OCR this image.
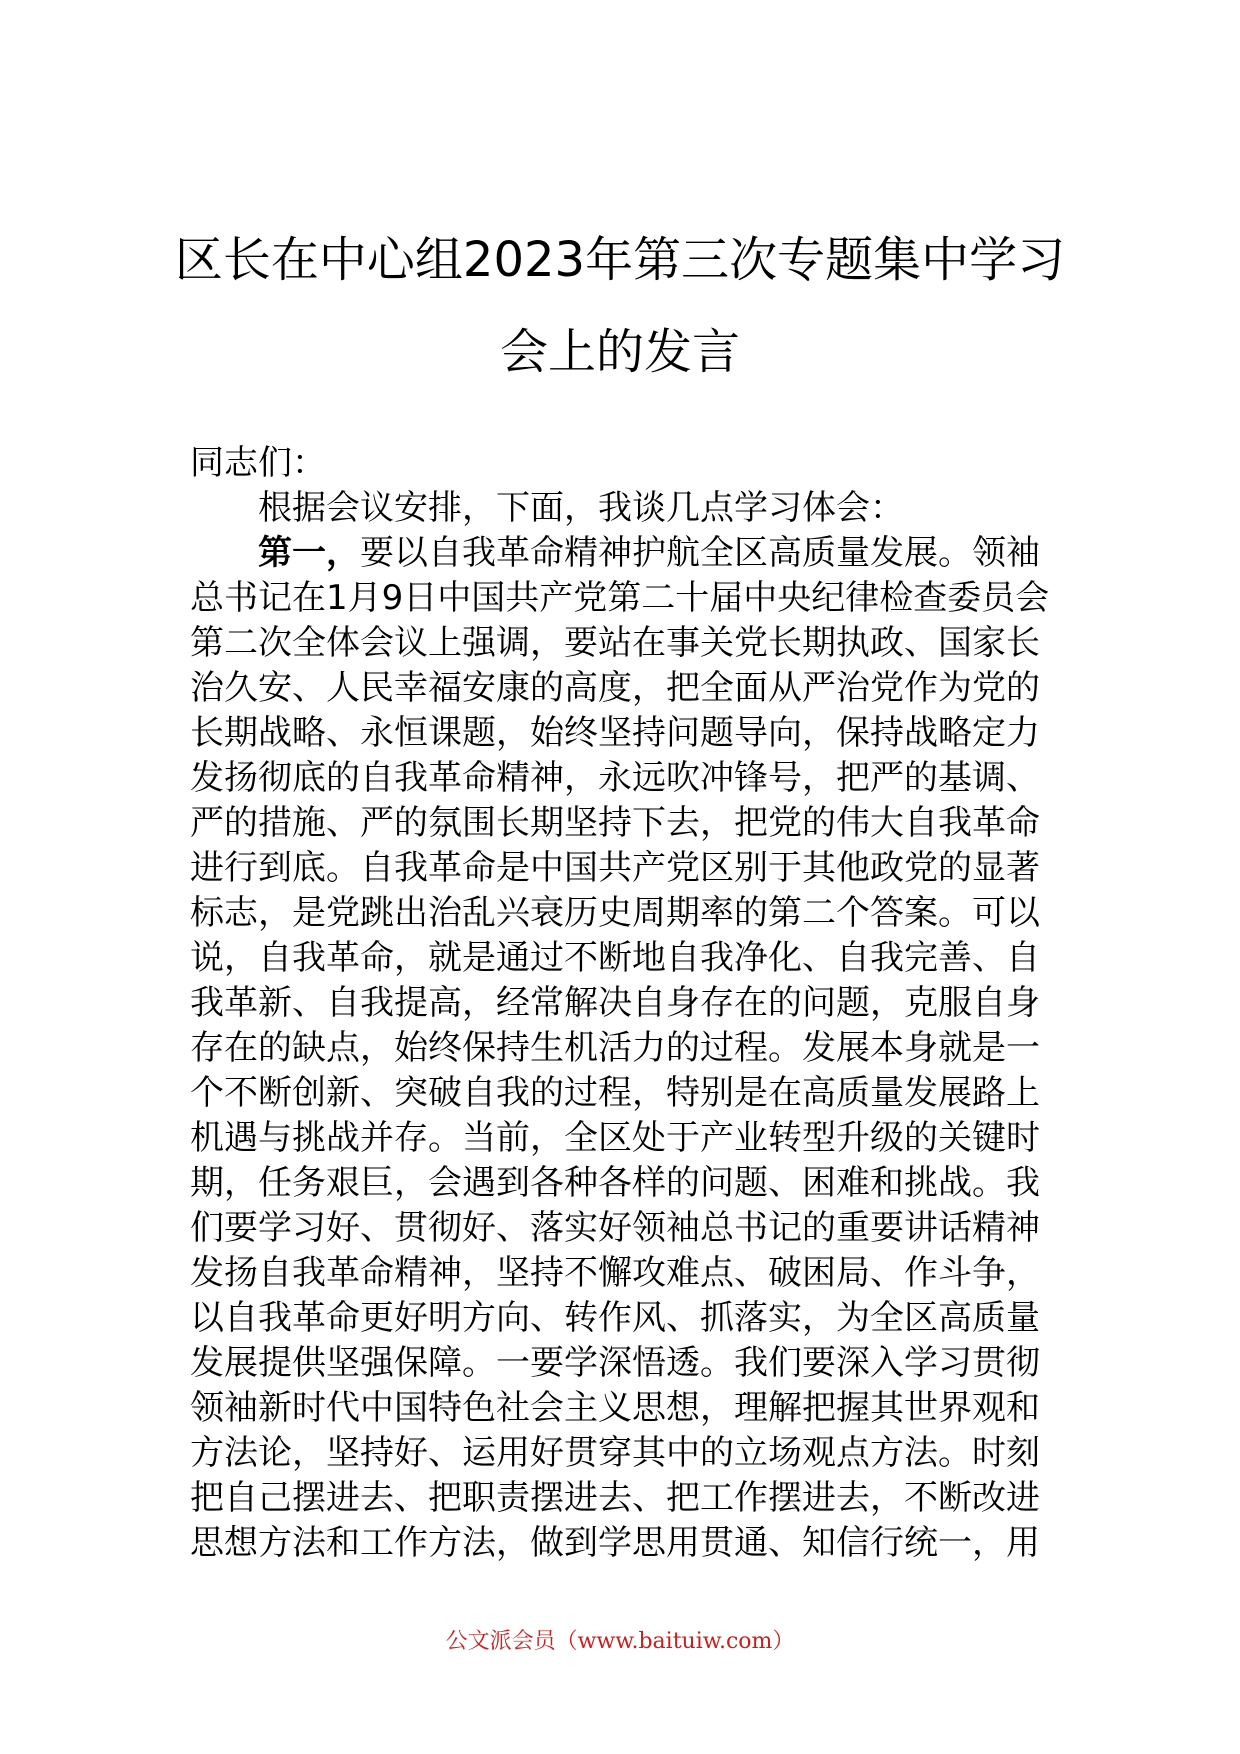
区长在中心组2023年第三次专题集中学习
会上的发言
同志们：
根据会议安排，下面，我谈几点学习体会：
第一，要以自我革命精神护航全区高质量发展。领袖
总书记在1月9日中国共产党第二十届中央纪律检查委员会
第二次全体会议上强调，要站在事关党长期执政、国家长
治久安、人民幸福安康的高度，把全面从严治党作为党的
长期战略、永恒课题，始终坚持问题导向，保持战略定力
发扬彻底的自我革命精神，永远吹冲锋号，把严的基调、
严的措施、严的氛围长期坚持下去，把党的伟大自我革命
进行到底。自我革命是中国共产党区别于其他政党的显著
标志，是党跳出治乱兴衰历史周期率的第二个答案。可以
说，自我革命，就是通过不断地自我净化、自我完善、自
我革新、自我提高，经常解决自身存在的问题，克服自身
存在的缺点，始终保持生机活力的过程。发展本身就是一
个不断创新、突破自我的过程，特别是在高质量发展路上
机遇与挑战并存。当前，全区处于产业转型升级的关键时
期，任务艰巨，会遇到各种各样的问题、困难和挑战。我
们要学习好、贯彻好、落实好领袖总书记的重要讲话精神
发扬自我革命精神，坚持不懈攻难点、破困局、作斗争，
以自我革命更好明方向、转作风、抓落实，为全区高质量
发展提供坚强保障。一要学深悟透。我们要深入学习贯彻
领袖新时代中国特色社会主义思想，理解把握其世界观和
方法论，坚持好、运用好贯穿其中的立场观点方法。时刻
把自己摆进去、把职责摆进去、把工作摆进去，不断改进
思想方法和工作方法，做到学思用贯通、知信行统一，用
公文派会员（www.baituiw.com）
